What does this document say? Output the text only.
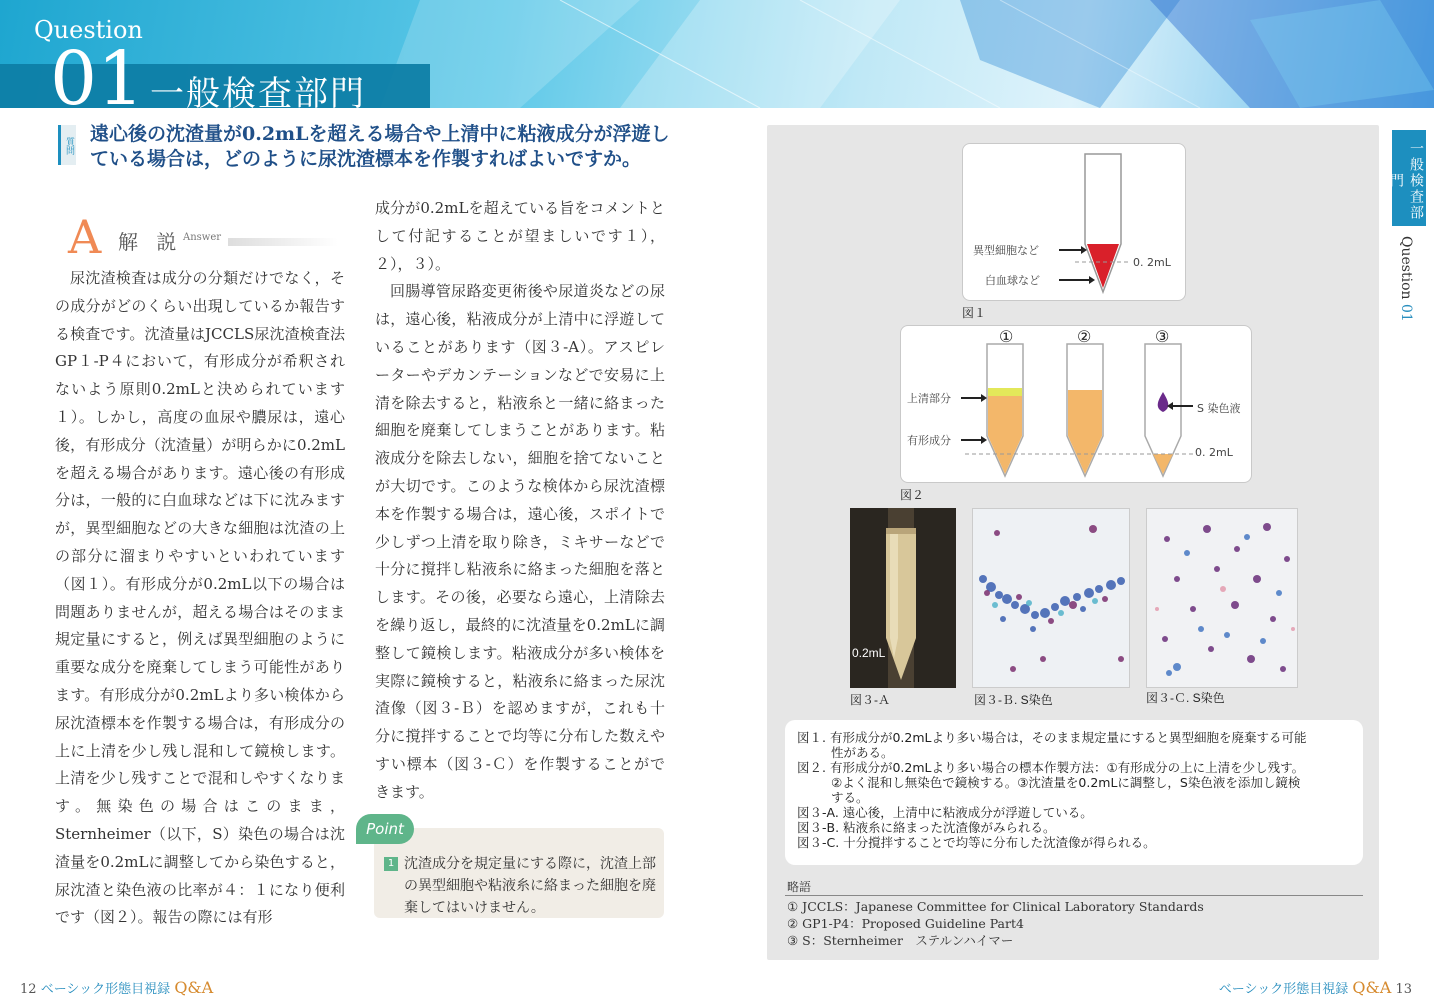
Question
01 一般検査部門
質問
遠心後の沈渣量が0.2mLを超える場合や上清中に粘液成分が浮遊している場合は，どのように尿沈渣標本を作製すればよいですか。
A 解 説 Answer

尿沈渣検査は成分の分類だけでなく，その成分がどのくらい出現しているか報告する検査です。沈渣量はJCCLS尿沈渣検査法GP１-P４において，有形成分が希釈されないよう原則0.2mLと決められています１）。しかし，高度の血尿や膿尿は，遠心後，有形成分（沈渣量）が明らかに0.2mLを超える場合があります。遠心後の有形成分は，一般的に白血球などは下に沈みますが，異型細胞などの大きな細胞は沈渣の上の部分に溜まりやすいといわれています（図１）。有形成分が0.2mL以下の場合は問題ありませんが，超える場合はそのまま規定量にすると，例えば異型細胞のように重要な成分を廃棄してしまう可能性があります。有形成分が0.2mLより多い検体から尿沈渣標本を作製する場合は，有形成分の上に上清を少し残し混和して鏡検します。上清を少し残すことで混和しやすくなります。無染色の場合はこのまま，Sternheimer（以下，S）染色の場合は沈渣量を0.2mLに調整してから染色すると，尿沈渣と染色液の比率が４：１になり便利です（図２）。報告の際には有形

成分が0.2mLを超えている旨をコメントとして付記することが望ましいです１），２），３）。

回腸導管尿路変更術後や尿道炎などの尿は，遠心後，粘液成分が上清中に浮遊していることがあります（図３-A）。アスピレーターやデカンテーションなどで安易に上清を除去すると，粘液糸と一緒に絡まった細胞を廃棄してしまうことがあります。粘液成分を除去しない，細胞を捨てないことが大切です。このような検体から尿沈渣標本を作製する場合は，遠心後，スポイトで少しずつ上清を取り除き，ミキサーなどで十分に撹拌し粘液糸に絡まった細胞を落とします。その後，必要なら遠心，上清除去を繰り返し，最終的に沈渣量を0.2mLに調整して鏡検します。粘液成分が多い検体を実際に鏡検すると，粘液糸に絡まった尿沈渣像（図３-Ｂ）を認めますが，これも十分に撹拌することで均等に分布した数えやすい標本（図３-Ｃ）を作製することができます。

Point
1 沈渣成分を規定量にする際に，沈渣上部の異型細胞や粘液糸に絡まった細胞を廃棄してはいけません。
異型細胞など
白血球など
0. 2mL
図１
①	②	③
上清部分
有形成分
S 染色液
0. 2mL
図２
0.2mL
図３-Ａ	図３-Ｂ. S染色	図３-Ｃ. S染色
図１. 有形成分が0.2mLより多い場合は，そのまま規定量にすると異型細胞を廃棄する可能
性がある。
図２. 有形成分が0.2mLより多い場合の標本作製方法：①有形成分の上に上清を少し残す。
②よく混和し無染色で鏡検する。③沈渣量を0.2mLに調整し，S染色液を添加し鏡検
する。
図３-A. 遠心後，上清中に粘液成分が浮遊している。
図３-B. 粘液糸に絡まった沈渣像がみられる。
図３-C. 十分撹拌することで均等に分布した沈渣像が得られる。
略語
① JCCLS：Japanese Committee for Clinical Laboratory Standards
② GP1-P4：Proposed Guideline Part4
③ S：Sternheimer　ステルンハイマー
一般検査部門
Question 01
12 ベーシック形態目視録 Q&A	ベーシック形態目視録 Q&A 13
